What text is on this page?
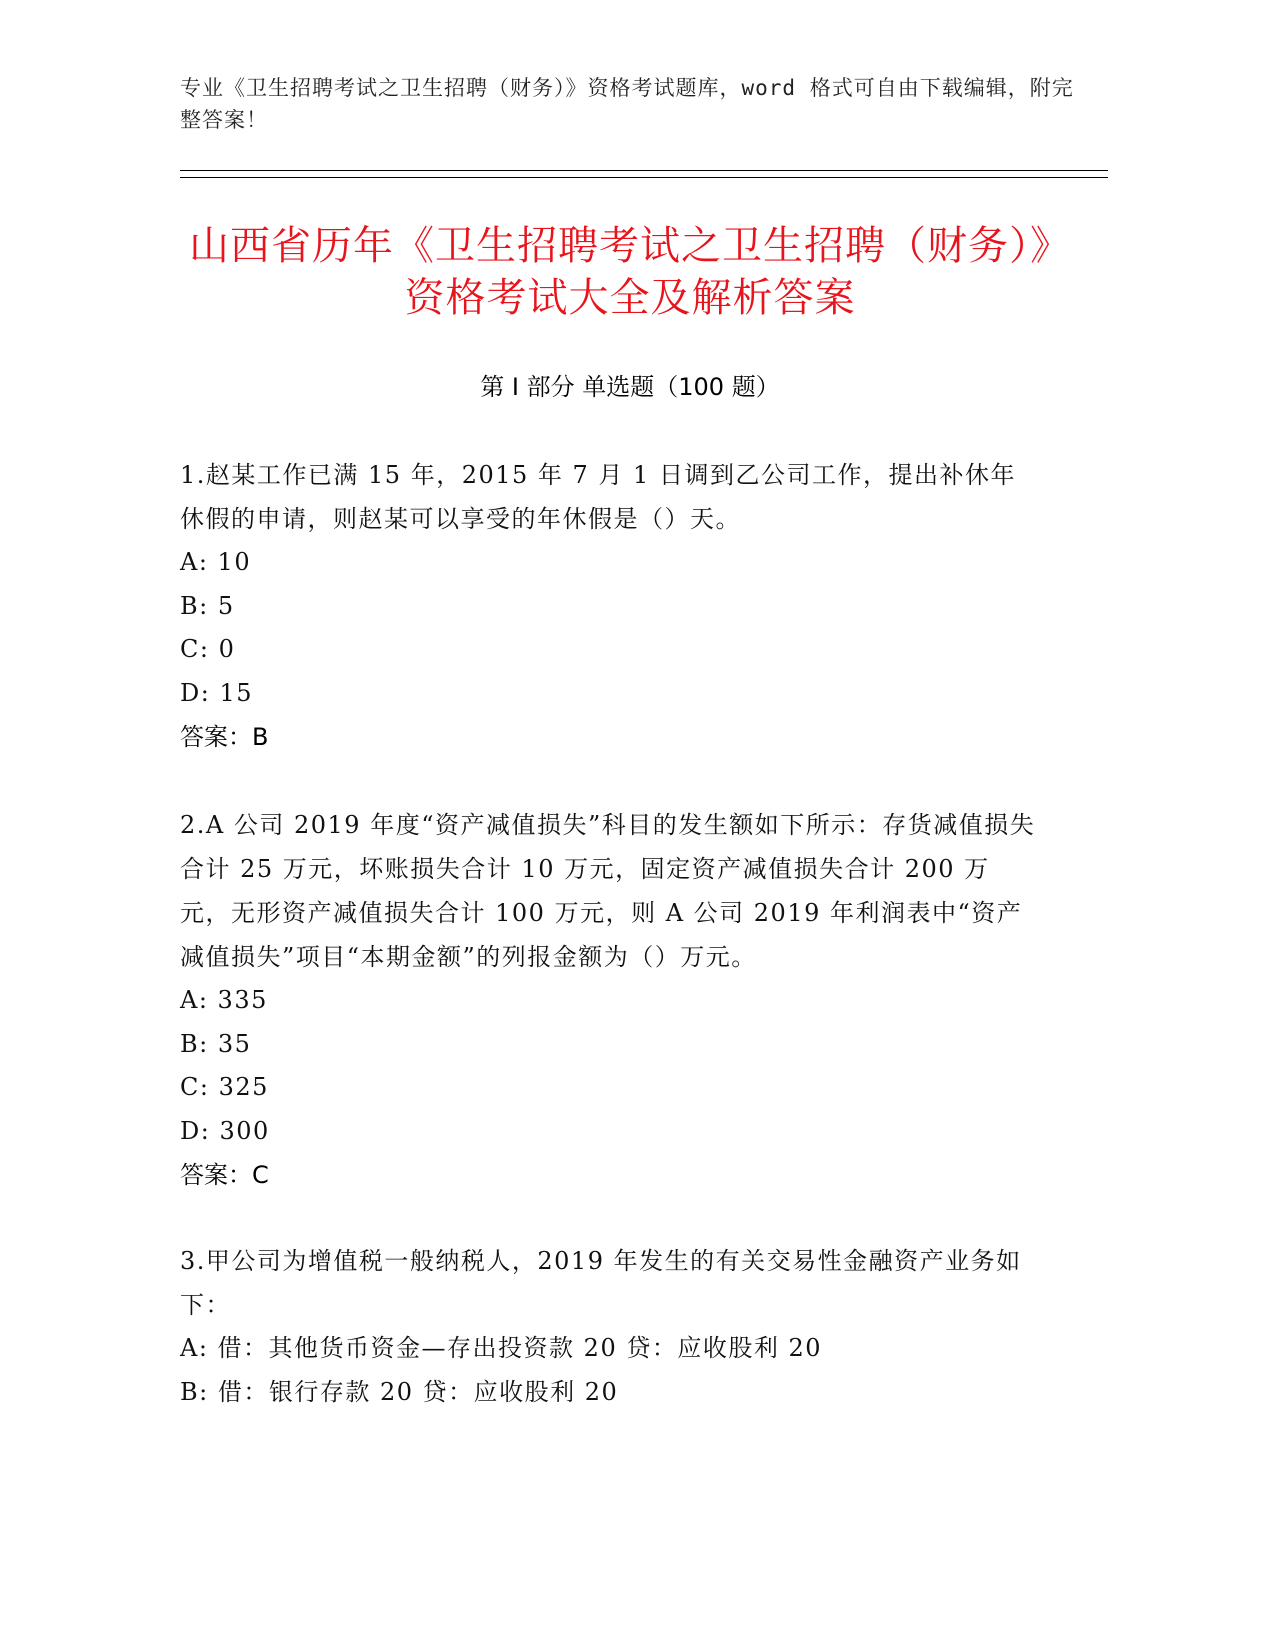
专业《卫生招聘考试之卫生招聘（财务）》资格考试题库，word 格式可自由下载编辑，附完整答案！
山西省历年《卫生招聘考试之卫生招聘（财务）》资格考试大全及解析答案
第 I 部分 单选题（100 题）

1.赵某工作已满 15 年，2015 年 7 月 1 日调到乙公司工作，提出补休年休假的申请，则赵某可以享受的年休假是（）天。

A: 10

B: 5

C: 0

D: 15

答案：B

2.A 公司 2019 年度“资产减值损失”科目的发生额如下所示：存货减值损失合计 25 万元，坏账损失合计 10 万元，固定资产减值损失合计 200 万元，无形资产减值损失合计 100 万元，则 A 公司 2019 年利润表中“资产减值损失”项目“本期金额”的列报金额为（）万元。

A: 335

B: 35

C: 325

D: 300

答案：C

3.甲公司为增值税一般纳税人，2019 年发生的有关交易性金融资产业务如下：

A: 借：其他货币资金—存出投资款 20 贷：应收股利 20

B: 借：银行存款 20 贷：应收股利 20
